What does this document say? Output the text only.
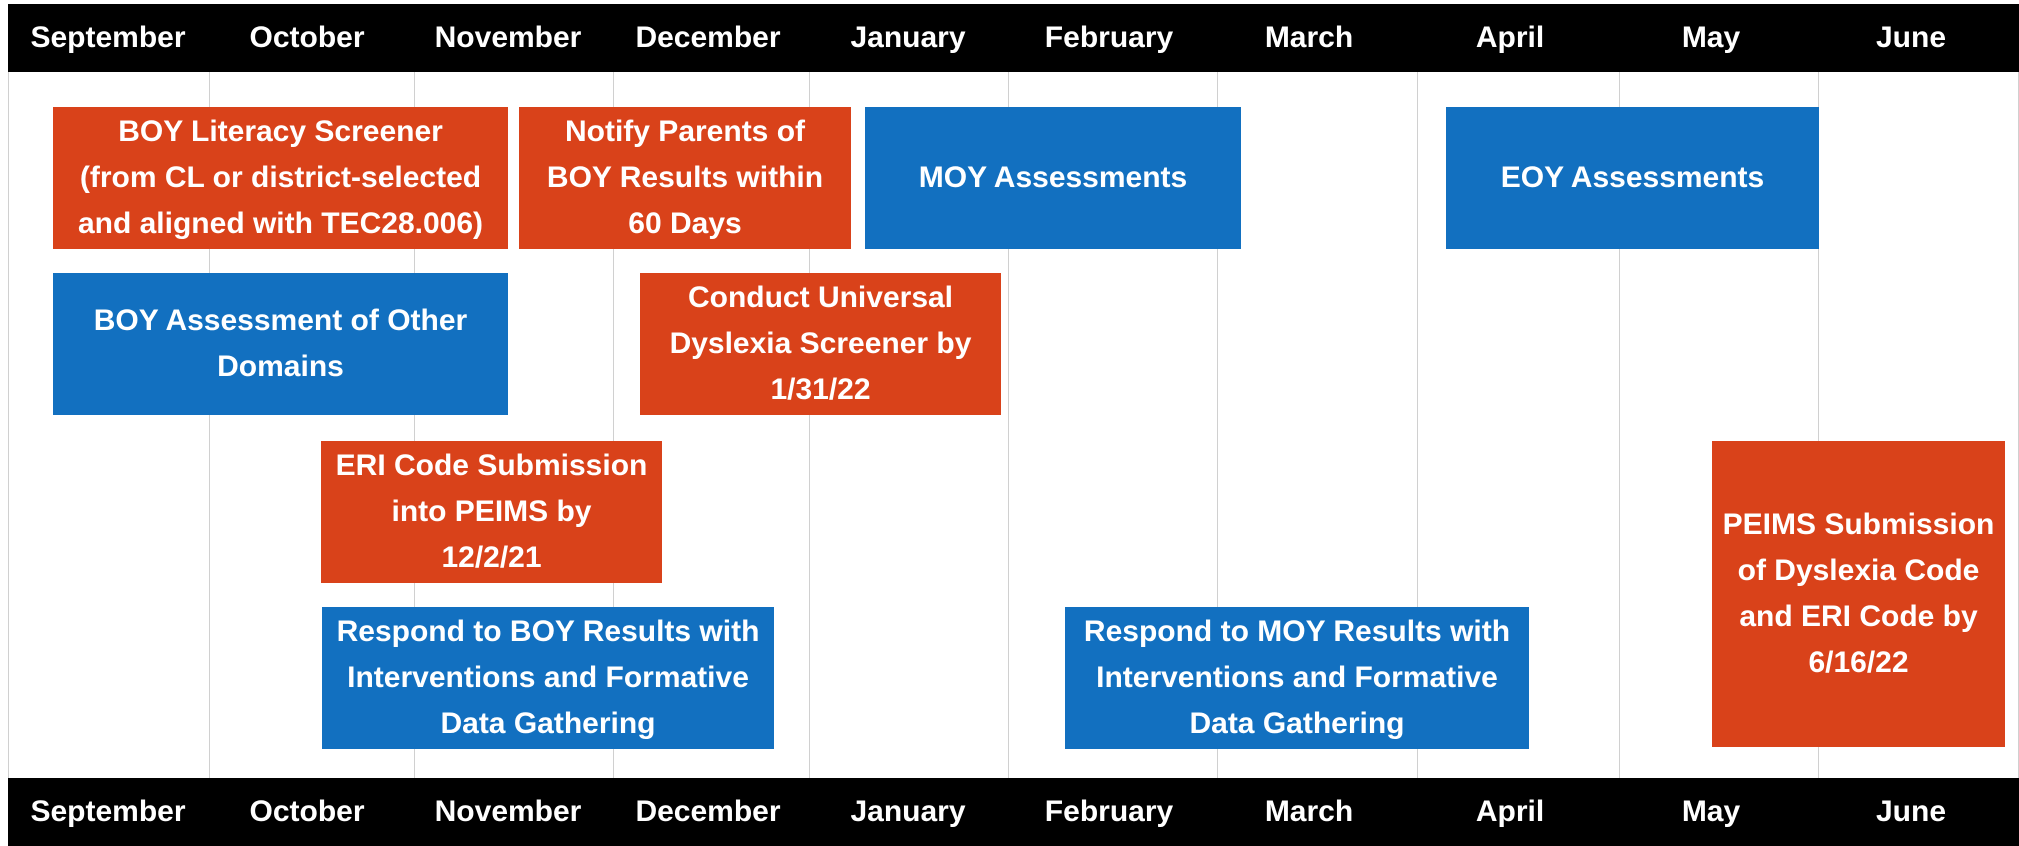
September October November December January	February	March	April	May	June
BOY Literacy Screener
(from CL or district-selected
and aligned with TEC28.006)
Notify Parents of
BOY Results within
60 Days
MOY Assessments	EOY Assessments
BOY Assessment of Other
Domains
Conduct Universal
Dyslexia Screener by
1/31/22
ERI Code Submission
into PEIMS by
12/2/21
PEIMS Submission
of Dyslexia Code
and ERI Code by
6/16/22
Respond to BOY Results with
Interventions and Formative
Data Gathering
Respond to MOY Results with
Interventions and Formative
Data Gathering
September October November December January	February	March	April	May	June
